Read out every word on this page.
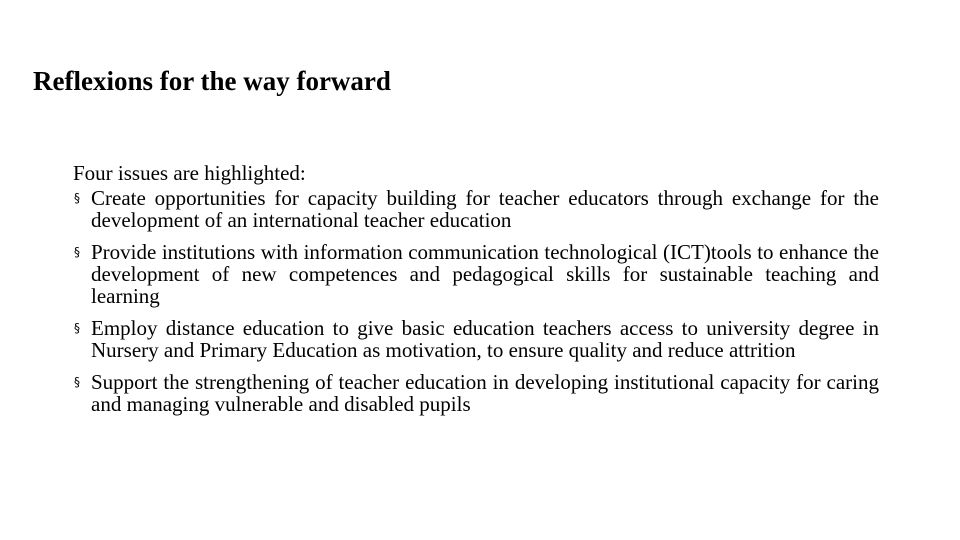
Reflexions for the way forward

Four issues are highlighted:

§ Create opportunities for capacity building for teacher educators through exchange for the development of an international teacher education
§ Provide institutions with information communication technological (ICT)tools to enhance the development of new competences and pedagogical skills for sustainable teaching and learning
§ Employ distance education to give basic education teachers access to university degree in Nursery and Primary Education as motivation, to ensure quality and reduce attrition
§ Support the strengthening of teacher education in developing institutional capacity for caring and managing vulnerable and disabled pupils
